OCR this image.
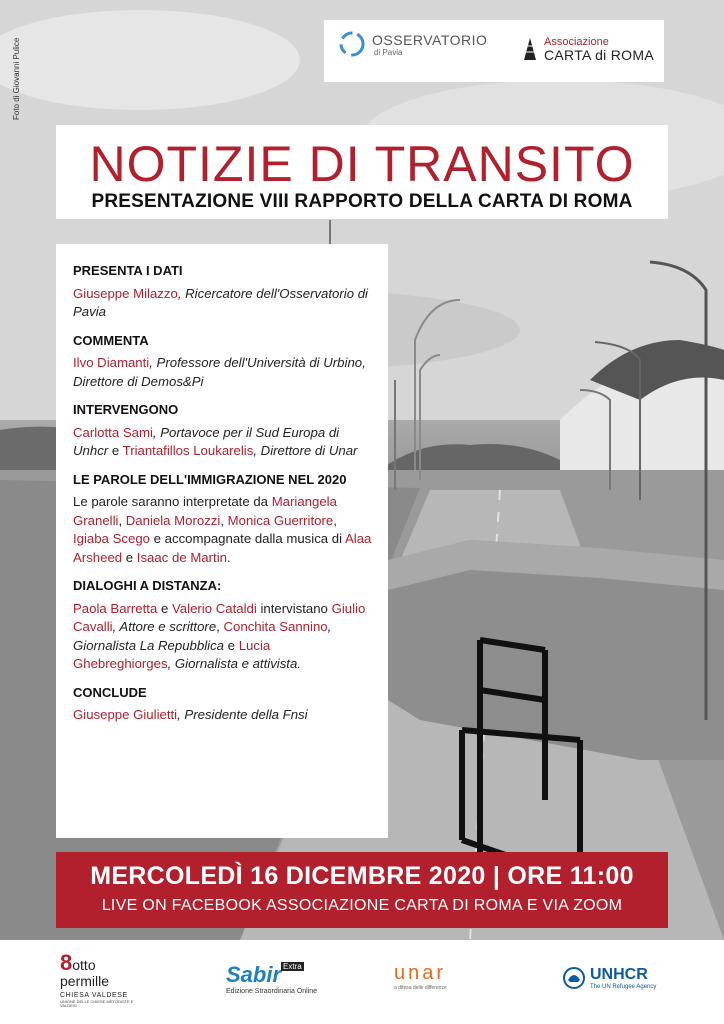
Foto di Giovanni Pulice	OSSERVATORIO
di Pavia
Associazione
CARTA di ROMA
NOTIZIE DI TRANSITO
PRESENTAZIONE VIII RAPPORTO DELLA CARTA DI ROMA
PRESENTA I DATI
Giuseppe Milazzo, Ricercatore dell'Osservatorio di Pavia
COMMENTA
Ilvo Diamanti, Professore dell'Università di Urbino, Direttore di Demos&Pi
INTERVENGONO
Carlotta Sami, Portavoce per il Sud Europa di Unhcr e Triantafillos Loukarelis, Direttore di Unar
LE PAROLE DELL'IMMIGRAZIONE NEL 2020
Le parole saranno interpretate da Mariangela Granelli, Daniela Morozzi, Monica Guerritore, Igiaba Scego e accompagnate dalla musica di Alaa Arsheed e Isaac de Martin.
DIALOGHI A DISTANZA:
Paola Barretta e Valerio Cataldi intervistano Giulio Cavalli, Attore e scrittore, Conchita Sannino, Giornalista La Repubblica e Lucia Ghebreghiorges, Giornalista e attivista.
CONCLUDE
Giuseppe Giulietti, Presidente della Fnsi
MERCOLEDÌ 16 DICEMBRE 2020 | ORE 11:00
LIVE ON FACEBOOK ASSOCIAZIONE CARTA DI ROMA E VIA ZOOM
8otto
permille
CHIESA VALDESE
UNIONE DELLE CHIESE METODISTE E VALDESI
Sabir $^{Extra}$
Edizione Straordinaria Online
unar
a difesa delle differenze
UNHCR
The UN Refugee Agency
